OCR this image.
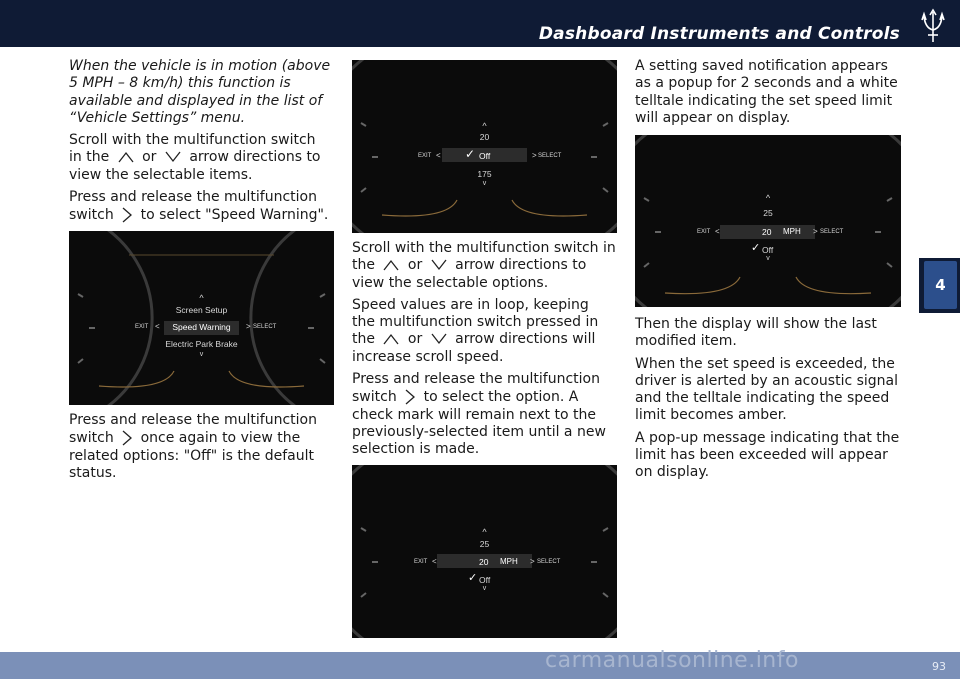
Dashboard Instruments and Controls
4

When the vehicle is in motion (above 5 MPH – 8 km/h) this function is available and displayed in the list of “Vehicle Settings” menu.

Scroll with the multifunction switch in the or arrow directions to view the selectable items.

Press and release the multifunction switch to select "Speed Warning".

^
Screen Setup
Speed Warning
EXIT <	> SELECT
Electric Park Brake
v

Press and release the multifunction switch once again to view the related options: "Off" is the default status.

^
20
✓ Off
EXIT <	> SELECT
175
v

Scroll with the multifunction switch in the or arrow directions to view the selectable options.

Speed values are in loop, keeping the multifunction switch pressed in the or arrow directions will increase scroll speed.

Press and release the multifunction switch to select the option. A check mark will remain next to the previously-selected item until a new selection is made.

^
25
20 MPH
EXIT <	> SELECT
✓ Off
v

A setting saved notification appears as a popup for 2 seconds and a white telltale indicating the set speed limit will appear on display.

^
25
20 MPH
EXIT <	> SELECT
✓ Off
v

Then the display will show the last modified item.

When the set speed is exceeded, the driver is alerted by an acoustic signal and the telltale indicating the speed limit becomes amber.

A pop-up message indicating that the limit has been exceeded will appear on display.

93
carmanualsonline.info
